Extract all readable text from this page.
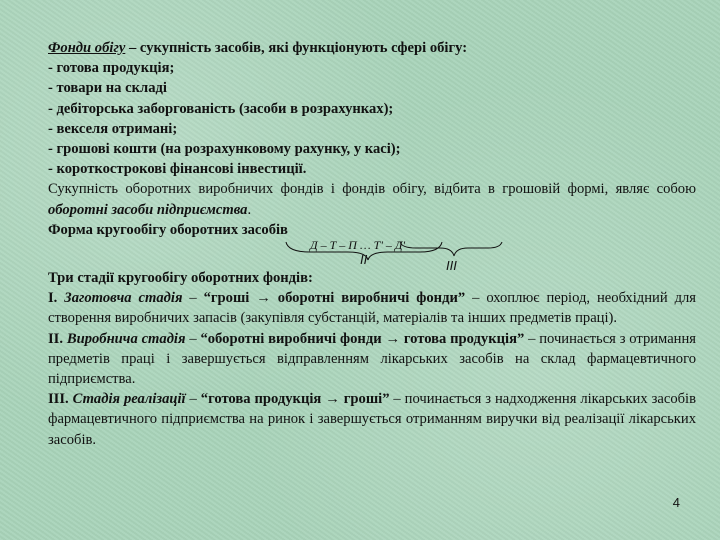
Фонди обігу – сукупність засобів, які функціонують сфері обігу:
- готова продукція;
- товари на складі
- дебіторська заборгованість (засоби в розрахунках);
- векселя отримані;
- грошові кошти (на розрахунковому рахунку, у касі);
- короткострокові фінансові інвестиції.
Сукупність оборотних виробничих фондів і фондів обігу, відбита в грошовій формі, являє собою оборотні засоби підприємства.
Форма кругообігу оборотних засобів
Д – Т – П … Т' – Д'
II	III
Три стадії кругообігу оборотних фондів:
І. Заготовча стадія – “гроші → оборотні виробничі фонди” – охоплює період, необхідний для створення виробничих запасів (закупівля субстанцій, матеріалів та інших предметів праці).
ІІ. Виробнича стадія – “оборотні виробничі фонди → готова продукція” – починається з отримання предметів праці і завершується відправленням лікарських засобів на склад фармацевтичного підприємства.
ІІІ. Стадія реалізації – “готова продукція → гроші” – починається з надходження лікарських засобів фармацевтичного підприємства на ринок і завершується отриманням виручки від реалізації лікарських засобів.
4
